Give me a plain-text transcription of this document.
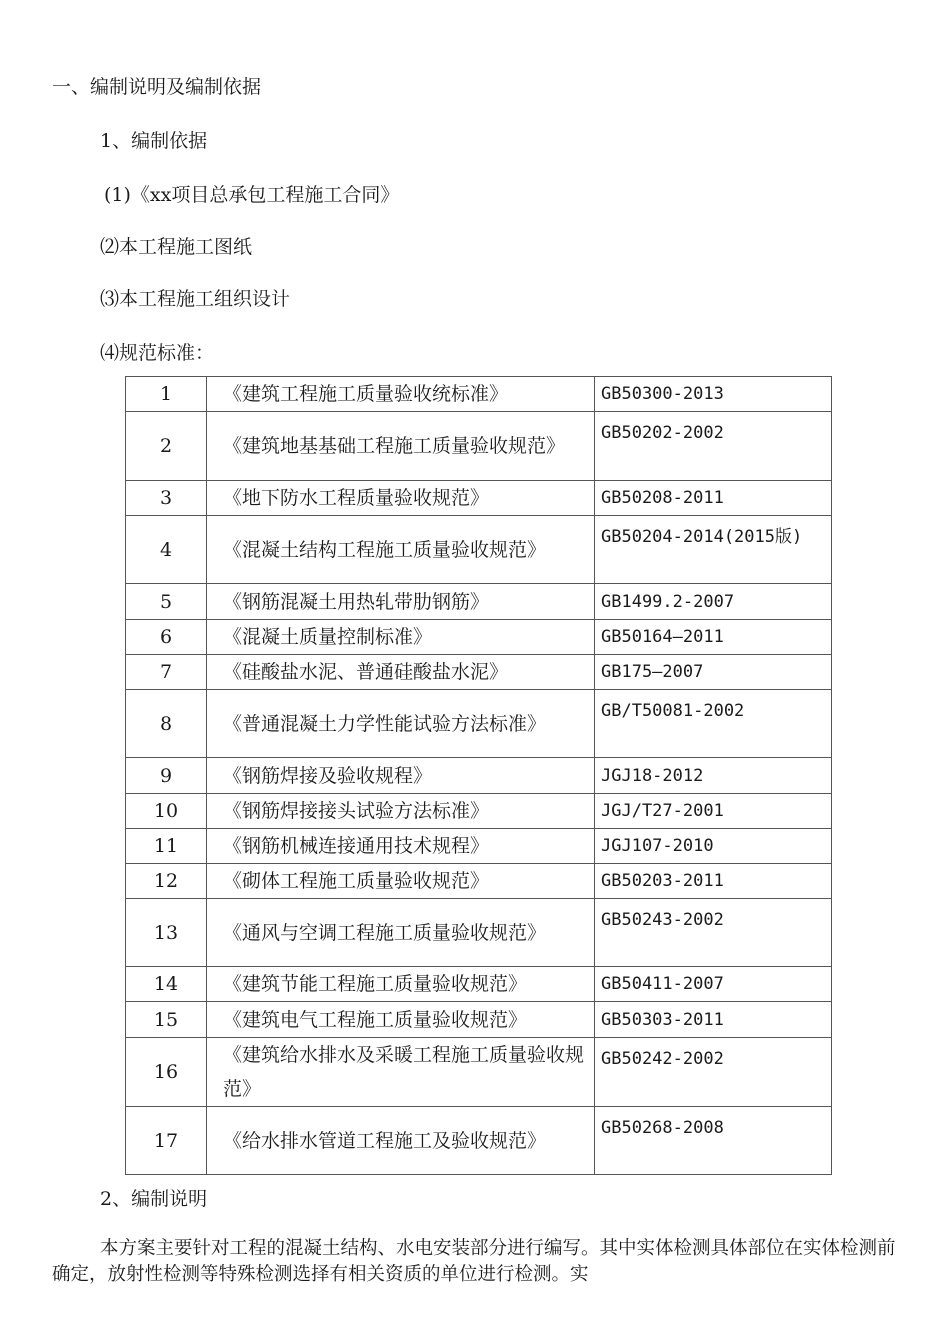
一、编制说明及编制依据
1、编制依据
(1)《xx项目总承包工程施工合同》
⑵本工程施工图纸
⑶本工程施工组织设计
⑷规范标准：
1	《建筑工程施工质量验收统标准》	GB50300-2013
2	《建筑地基基础工程施工质量验收规范》	GB50202-2002
3	《地下防水工程质量验收规范》	GB50208-2011
4	《混凝土结构工程施工质量验收规范》	GB50204-2014(2015版)
5	《钢筋混凝土用热轧带肋钢筋》	GB1499.2-2007
6	《混凝土质量控制标准》	GB50164—2011
7	《硅酸盐水泥、普通硅酸盐水泥》	GB175—2007
8	《普通混凝土力学性能试验方法标准》	GB/T50081-2002
9	《钢筋焊接及验收规程》	JGJ18-2012
10	《钢筋焊接接头试验方法标准》	JGJ/T27-2001
11	《钢筋机械连接通用技术规程》	JGJ107-2010
12	《砌体工程施工质量验收规范》	GB50203-2011
13	《通风与空调工程施工质量验收规范》	GB50243-2002
14	《建筑节能工程施工质量验收规范》	GB50411-2007
15	《建筑电气工程施工质量验收规范》	GB50303-2011
16	《建筑给水排水及采暖工程施工质量验收规范》	GB50242-2002
17	《给水排水管道工程施工及验收规范》	GB50268-2008
2、编制说明
本方案主要针对工程的混凝土结构、水电安装部分进行编写。其中实体检测具体部位在实体检测前确定，放射性检测等特殊检测选择有相关资质的单位进行检测。实
